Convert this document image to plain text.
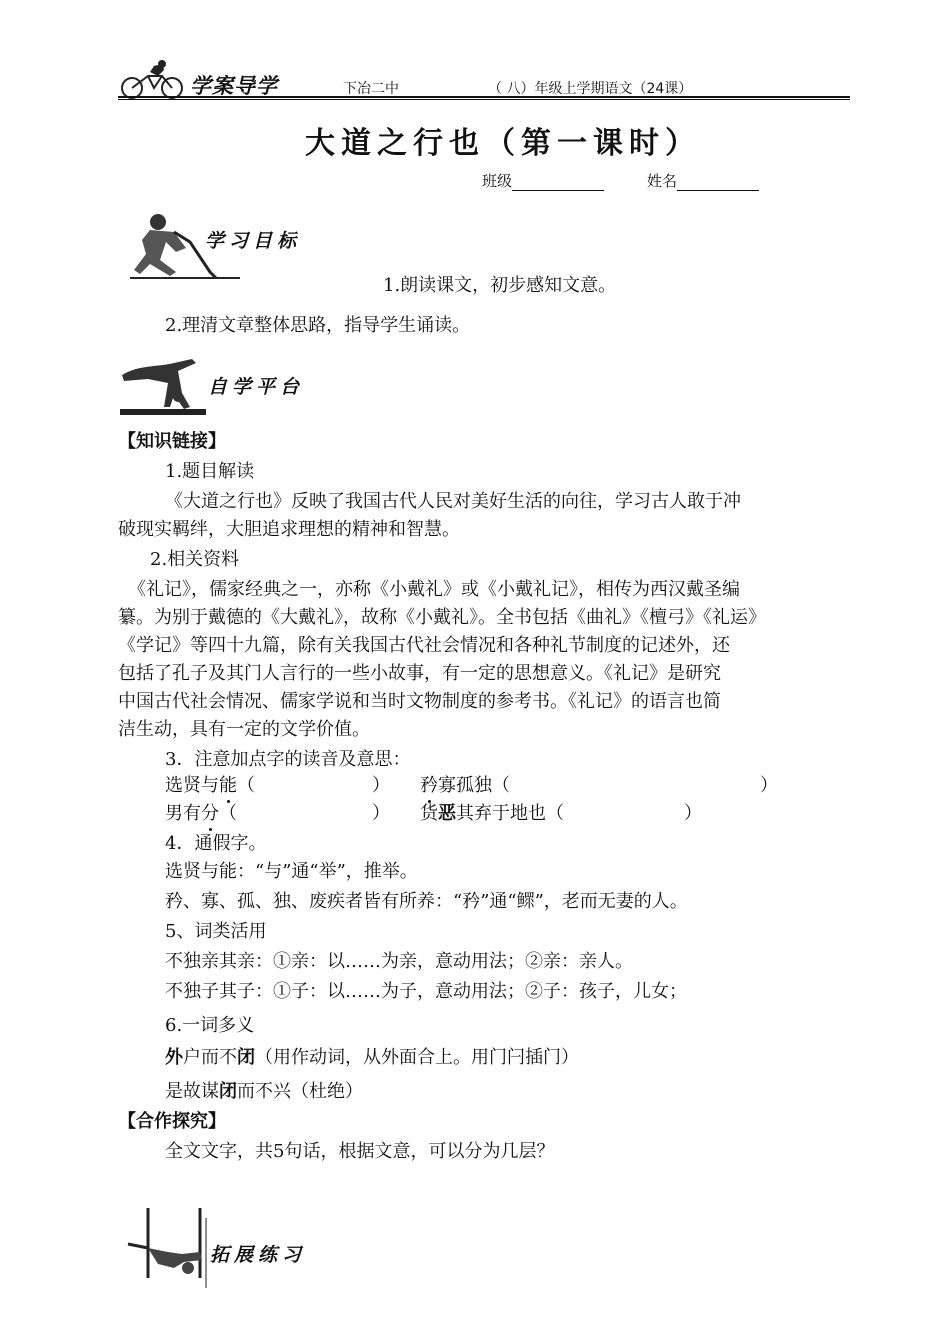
学案导学	下冶二中	（ 八）年级上学期语文（24课）
大道之行也（第一课时）
班级	姓名
学习目标
1.朗读课文，初步感知文意。
2.理清文章整体思路，指导学生诵读。
自学平台
【知识链接】
1.题目解读
《大道之行也》反映了我国古代人民对美好生活的向往，学习古人敢于冲
破现实羁绊，大胆追求理想的精神和智慧。
2.相关资料
《礼记》，儒家经典之一，亦称《小戴礼》或《小戴礼记》，相传为西汉戴圣编
纂。为别于戴德的《大戴礼》，故称《小戴礼》。全书包括《曲礼》《檀弓》《礼运》
《学记》等四十九篇，除有关我国古代社会情况和各种礼节制度的记述外，还
包括了孔子及其门人言行的一些小故事，有一定的思想意义。《礼记》是研究
中国古代社会情况、儒家学说和当时文物制度的参考书。《礼记》的语言也简
洁生动，具有一定的文学价值。
3．注意加点字的读音及意思：
选贤与能（	） 矜寡孤独（	）
男有分（	） 货恶其弃于地也（	）
4．通假字。
选贤与能：“与”通“举”，推举。
矜、寡、孤、独、废疾者皆有所养：“矜”通“鳏”，老而无妻的人。
5、词类活用
不独亲其亲：①亲：以……为亲，意动用法；②亲：亲人。
不独子其子：①子：以……为子，意动用法；②子：孩子，儿女；
6.一词多义
外户而不闭（用作动词，从外面合上。用门闩插门）
是故谋闭而不兴（杜绝）
【合作探究】
全文文字，共5句话，根据文意，可以分为几层？
拓展练习
